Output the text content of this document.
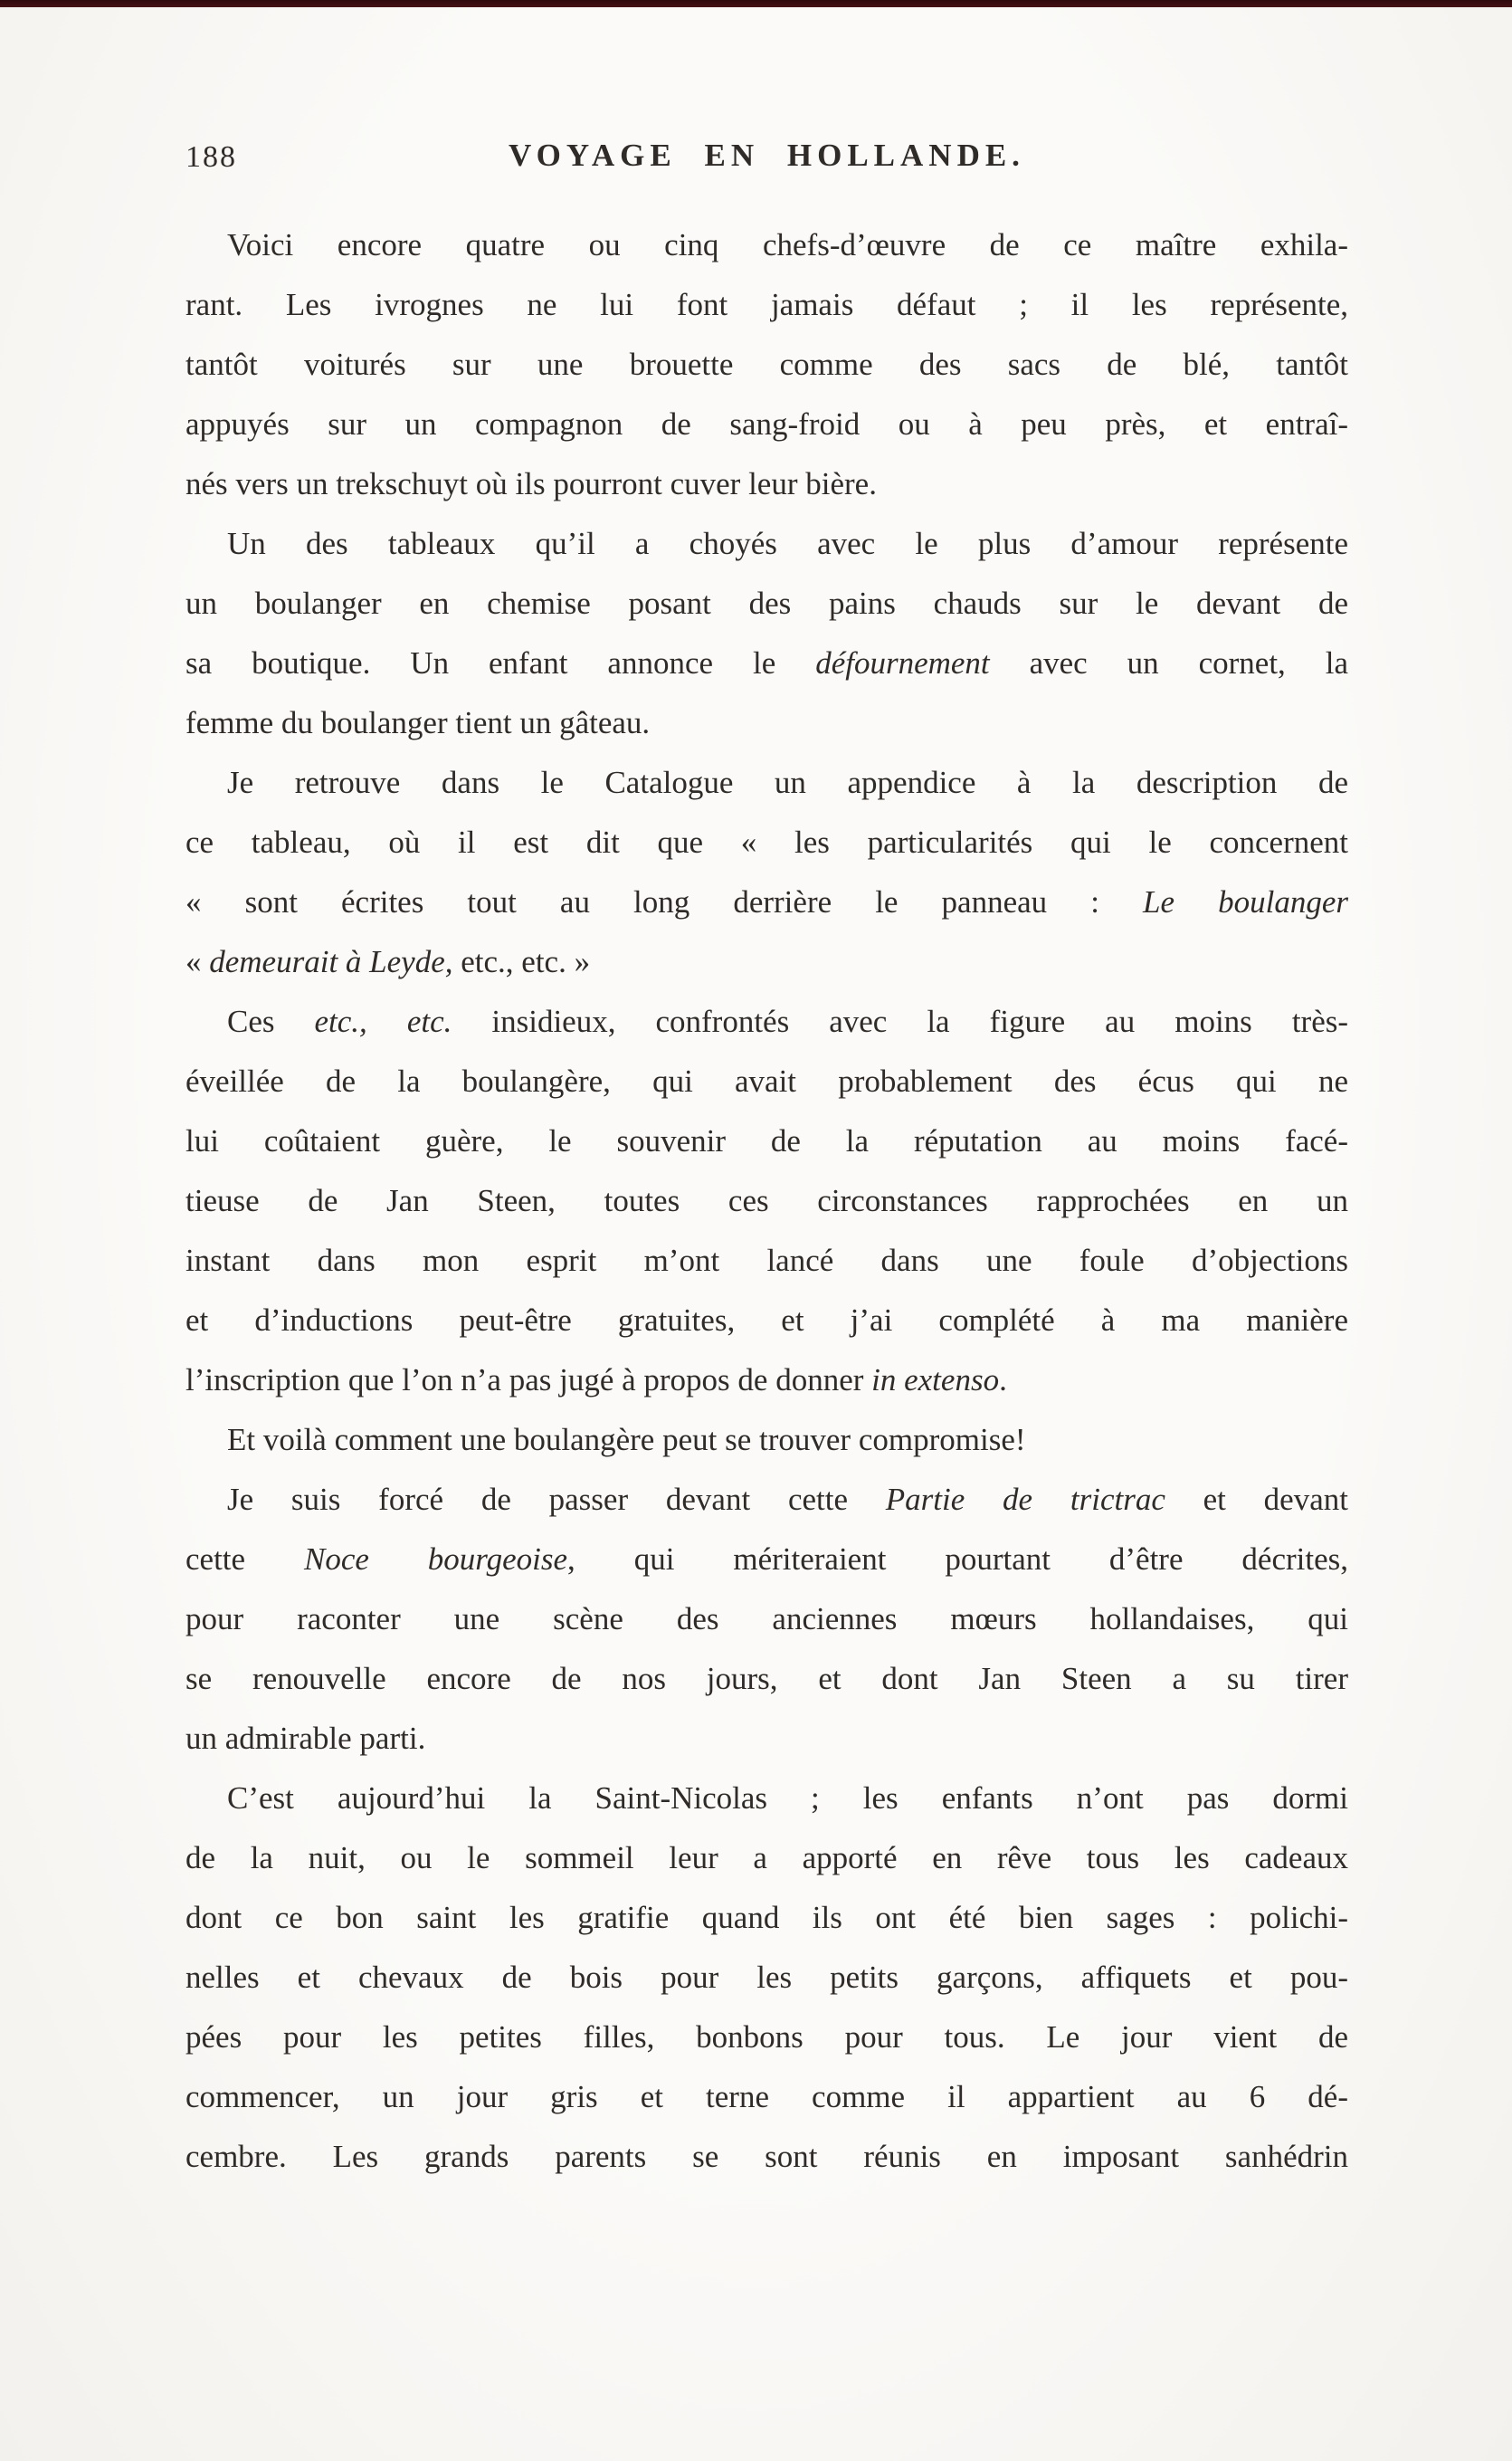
188	VOYAGE EN HOLLANDE.
Voici encore quatre ou cinq chefs-d’œuvre de ce maître exhila-
rant. Les ivrognes ne lui font jamais défaut ; il les représente,
tantôt voiturés sur une brouette comme des sacs de blé, tantôt
appuyés sur un compagnon de sang-froid ou à peu près, et entraî-
nés vers un trekschuyt où ils pourront cuver leur bière.
Un des tableaux qu’il a choyés avec le plus d’amour représente
un boulanger en chemise posant des pains chauds sur le devant de
sa boutique. Un enfant annonce le défournement avec un cornet, la
femme du boulanger tient un gâteau.
Je retrouve dans le Catalogue un appendice à la description de
ce tableau, où il est dit que « les particularités qui le concernent
« sont écrites tout au long derrière le panneau : Le boulanger
« demeurait à Leyde, etc., etc. »
Ces etc., etc. insidieux, confrontés avec la figure au moins très-
éveillée de la boulangère, qui avait probablement des écus qui ne
lui coûtaient guère, le souvenir de la réputation au moins facé-
tieuse de Jan Steen, toutes ces circonstances rapprochées en un
instant dans mon esprit m’ont lancé dans une foule d’objections
et d’inductions peut-être gratuites, et j’ai complété à ma manière
l’inscription que l’on n’a pas jugé à propos de donner in extenso.
Et voilà comment une boulangère peut se trouver compromise!
Je suis forcé de passer devant cette Partie de trictrac et devant
cette Noce bourgeoise, qui mériteraient pourtant d’être décrites,
pour raconter une scène des anciennes mœurs hollandaises, qui
se renouvelle encore de nos jours, et dont Jan Steen a su tirer
un admirable parti.
C’est aujourd’hui la Saint-Nicolas ; les enfants n’ont pas dormi
de la nuit, ou le sommeil leur a apporté en rêve tous les cadeaux
dont ce bon saint les gratifie quand ils ont été bien sages : polichi-
nelles et chevaux de bois pour les petits garçons, affiquets et pou-
pées pour les petites filles, bonbons pour tous. Le jour vient de
commencer, un jour gris et terne comme il appartient au 6 dé-
cembre. Les grands parents se sont réunis en imposant sanhédrin
